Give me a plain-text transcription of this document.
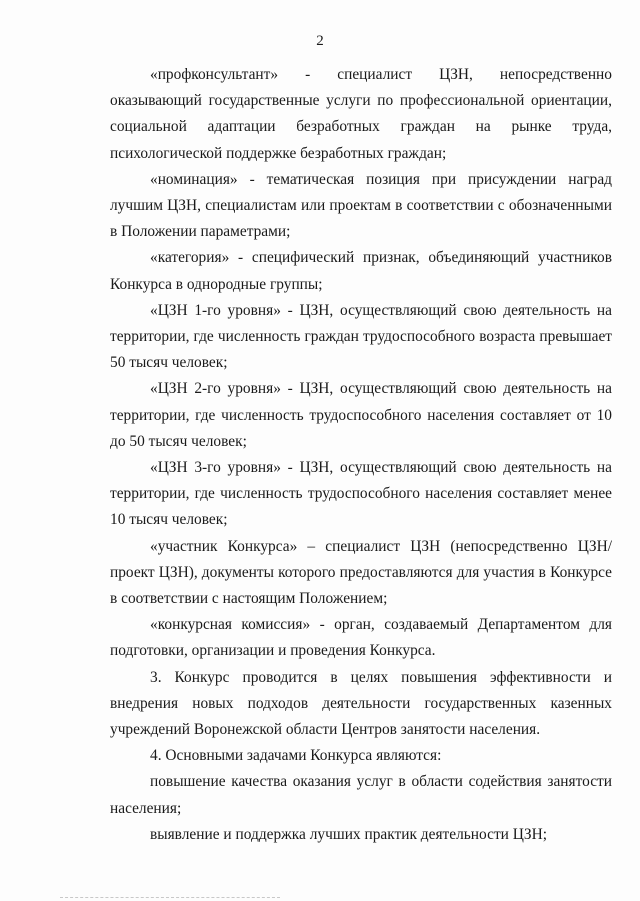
2

«профконсультант» - специалист ЦЗН, непосредственно оказывающий государственные услуги по профессиональной ориентации, социальной адаптации безработных граждан на рынке труда, психологической поддержке безработных граждан;

«номинация» - тематическая позиция при присуждении наград лучшим ЦЗН, специалистам или проектам в соответствии с обозначенными в Положении параметрами;

«категория» - специфический признак, объединяющий участников Конкурса в однородные группы;

«ЦЗН 1-го уровня» - ЦЗН, осуществляющий свою деятельность на территории, где численность граждан трудоспособного возраста превышает 50 тысяч человек;

«ЦЗН 2-го уровня» - ЦЗН, осуществляющий свою деятельность на территории, где численность трудоспособного населения составляет от 10 до 50 тысяч человек;

«ЦЗН 3-го уровня» - ЦЗН, осуществляющий свою деятельность на территории, где численность трудоспособного населения составляет менее 10 тысяч человек;

«участник Конкурса» – специалист ЦЗН (непосредственно ЦЗН/проект ЦЗН), документы которого предоставляются для участия в Конкурсе в соответствии с настоящим Положением;

«конкурсная комиссия» - орган, создаваемый Департаментом для подготовки, организации и проведения Конкурса.

3. Конкурс проводится в целях повышения эффективности и внедрения новых подходов деятельности государственных казенных учреждений Воронежской области Центров занятости населения.

4. Основными задачами Конкурса являются:

повышение качества оказания услуг в области содействия занятости населения;

выявление и поддержка лучших практик деятельности ЦЗН;
